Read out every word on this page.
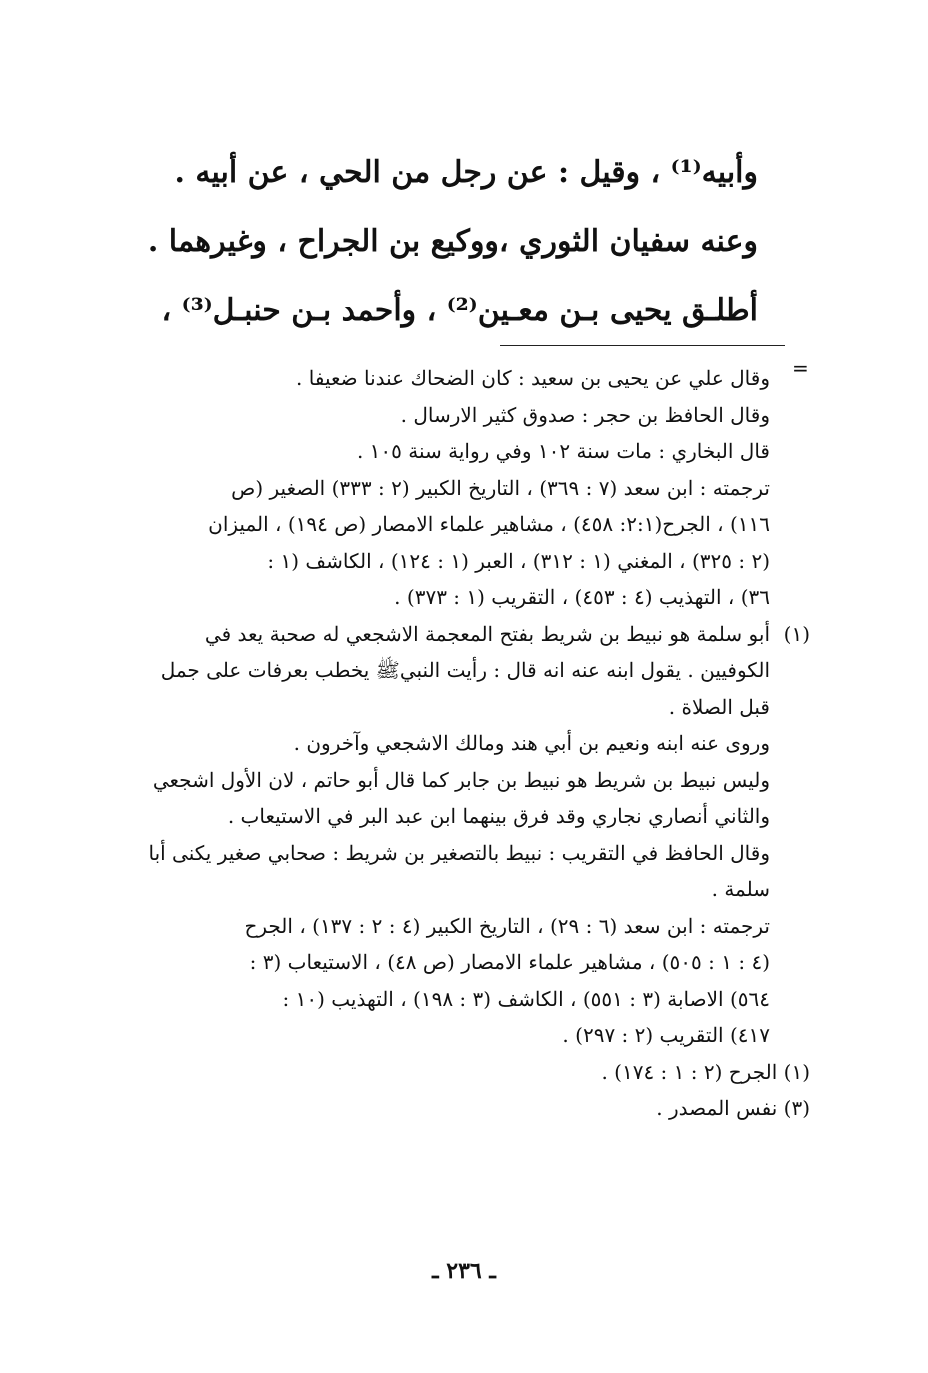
وأبيه⁽¹⁾ ، وقيل : عن رجل من الحي ، عن أبيه .
وعنه سفيان الثوري ،ووكيع بن الجراح ، وغيرهما .
أطلـق يحيى بـن معـين⁽²⁾ ، وأحمد بـن حنبـل⁽³⁾ ،
=
وقال علي عن يحيى بن سعيد : كان الضحاك عندنا ضعيفا .
وقال الحافظ بن حجر : صدوق كثير الارسال .
قال البخاري : مات سنة ١٠٢ وفي رواية سنة ١٠٥ .
ترجمته : ابن سعد (٧ : ٣٦٩) ، التاريخ الكبير (٢ : ٣٣٣) الصغير (ص
١١٦) ، الجرح(٢:١: ٤٥٨) ، مشاهير علماء الامصار (ص ١٩٤) ، الميزان
(٢ : ٣٢٥) ، المغني (١ : ٣١٢) ، العبر (١ : ١٢٤) ، الكاشف (١ :
٣٦) ، التهذيب (٤ : ٤٥٣) ، التقريب (١ : ٣٧٣) .
(١)
أبو سلمة هو نبيط بن شريط بفتح المعجمة الاشجعي له صحبة يعد في
الكوفيين . يقول ابنه عنه انه قال : رأيت النبيﷺ يخطب بعرفات على جمل
قبل الصلاة .
وروى عنه ابنه ونعيم بن أبي هند ومالك الاشجعي وآخرون .
وليس نبيط بن شريط هو نبيط بن جابر كما قال أبو حاتم ، لان الأول اشجعي
والثاني أنصاري نجاري وقد فرق بينهما ابن عبد البر في الاستيعاب .
وقال الحافظ في التقريب : نبيط بالتصغير بن شريط : صحابي صغير يكنى أبا
سلمة .
ترجمته : ابن سعد (٦ : ٢٩) ، التاريخ الكبير (٤ : ٢ : ١٣٧) ، الجرح
(٤ : ١ : ٥٠٥) ، مشاهير علماء الامصار (ص ٤٨) ، الاستيعاب (٣ :
٥٦٤) الاصابة (٣ : ٥٥١) ، الكاشف (٣ : ١٩٨) ، التهذيب (١٠ :
٤١٧) التقريب (٢ : ٢٩٧) .
(١) الجرح (٢ : ١ : ١٧٤) .
(٣) نفس المصدر .
ـ ٢٣٦ ـ
